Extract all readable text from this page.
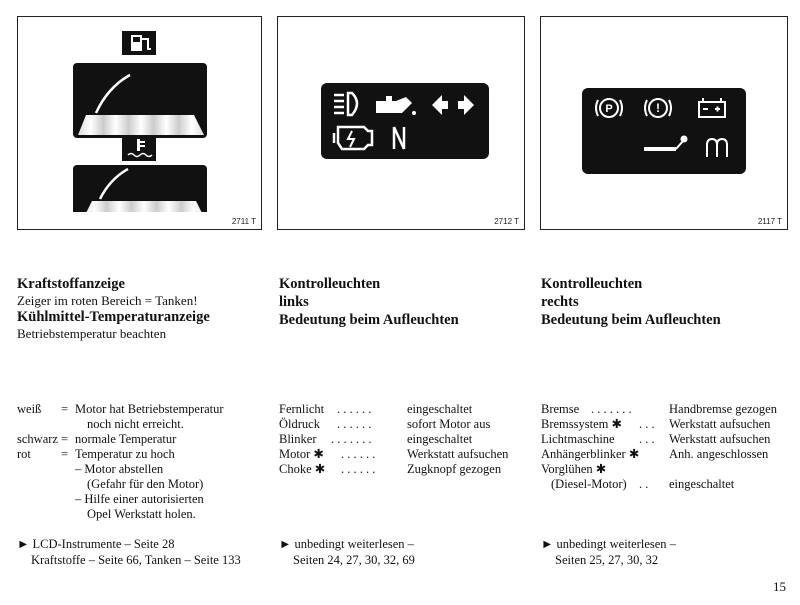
2711 T	2712 T
P	!
2117 T
Kraftstoffanzeige
Zeiger im roten Bereich = Tanken!
Kühlmittel-Temperaturanzeige
Betriebstemperatur beachten
weiß = Motor hat Betriebstemperatur
noch nicht erreicht.
schwarz = normale Temperatur
rot = Temperatur zu hoch
– Motor abstellen
(Gefahr für den Motor)
– Hilfe einer autorisierten
Opel Werkstatt holen.
► LCD-Instrumente – Seite 28
Kraftstoffe – Seite 66, Tanken – Seite 133
Kontrolleuchten
links
Bedeutung beim Aufleuchten
Fernlicht . . . . . .	eingeschaltet
Öldruck . . . . . .	sofort Motor aus
Blinker . . . . . . .	eingeschaltet
Motor ✱ . . . . . .	Werkstatt aufsuchen
Choke ✱ . . . . . .	Zugknopf gezogen
► unbedingt weiterlesen –
Seiten 24, 27, 30, 32, 69
Kontrolleuchten
rechts
Bedeutung beim Aufleuchten
Bremse . . . . . . .	Handbremse gezogen
Bremssystem ✱ . . . Werkstatt aufsuchen
Lichtmaschine . . . Werkstatt aufsuchen
Anhängerblinker ✱ Anh. angeschlossen
Vorglühen ✱
(Diesel-Motor) . . eingeschaltet
► unbedingt weiterlesen –
Seiten 25, 27, 30, 32
15
